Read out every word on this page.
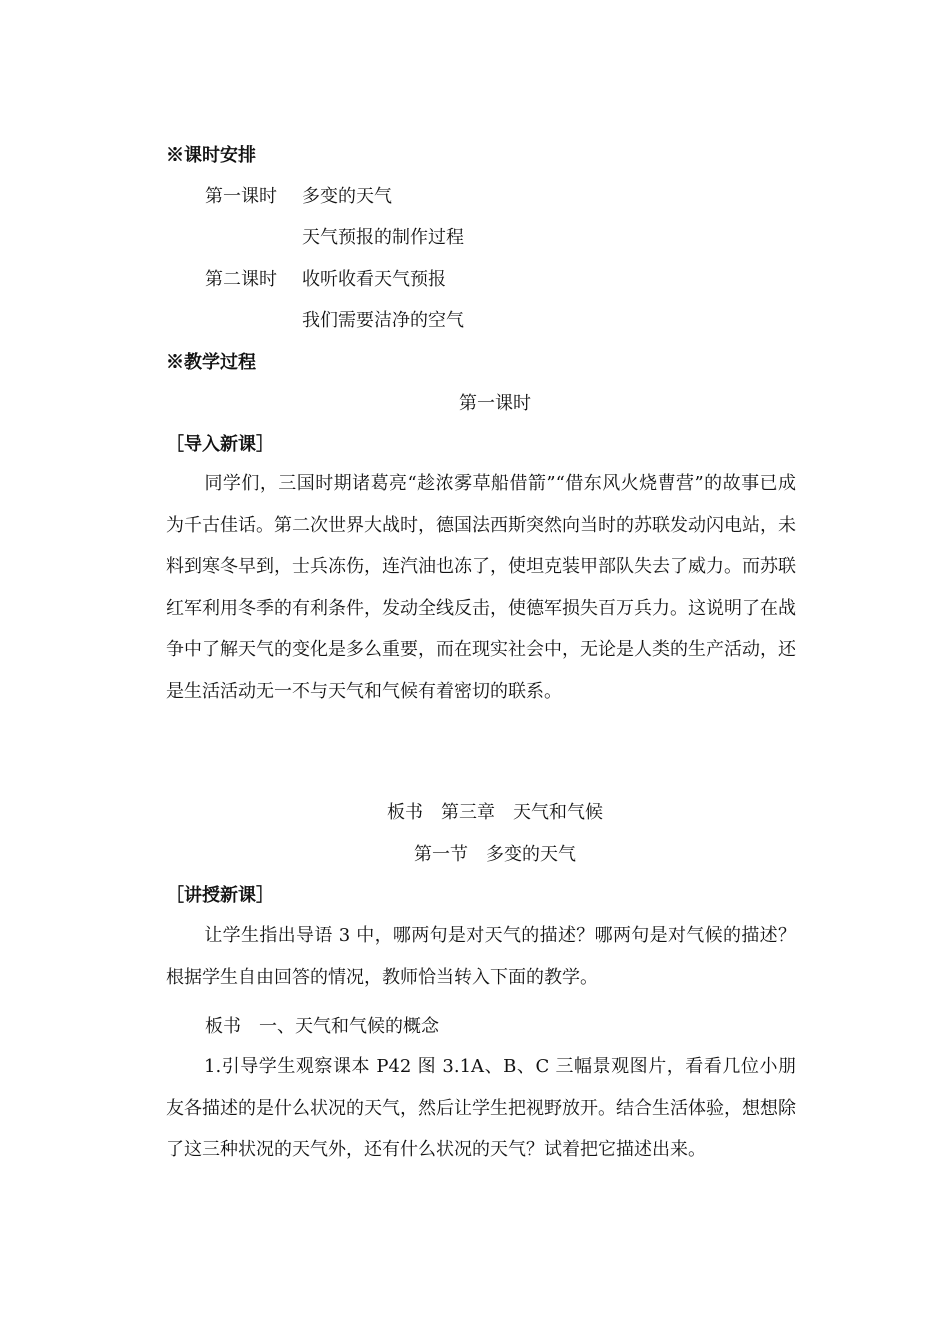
※课时安排
第一课时 多变的天气
天气预报的制作过程
第二课时 收听收看天气预报
我们需要洁净的空气
※教学过程
第一课时
［导入新课］
同学们，三国时期诸葛亮“趁浓雾草船借箭”“借东风火烧曹营”的故事已成为千古佳话。第二次世界大战时，德国法西斯突然向当时的苏联发动闪电站，未料到寒冬早到，士兵冻伤，连汽油也冻了，使坦克装甲部队失去了威力。而苏联红军利用冬季的有利条件，发动全线反击，使德军损失百万兵力。这说明了在战争中了解天气的变化是多么重要，而在现实社会中，无论是人类的生产活动，还是生活活动无一不与天气和气候有着密切的联系。
板书　第三章　天气和气候
第一节　多变的天气
［讲授新课］
让学生指出导语 3 中，哪两句是对天气的描述？哪两句是对气候的描述？根据学生自由回答的情况，教师恰当转入下面的教学。
板书　一、天气和气候的概念
1.引导学生观察课本 P42 图 3.1A、B、C 三幅景观图片，看看几位小朋友各描述的是什么状况的天气，然后让学生把视野放开。结合生活体验，想想除了这三种状况的天气外，还有什么状况的天气？试着把它描述出来。
